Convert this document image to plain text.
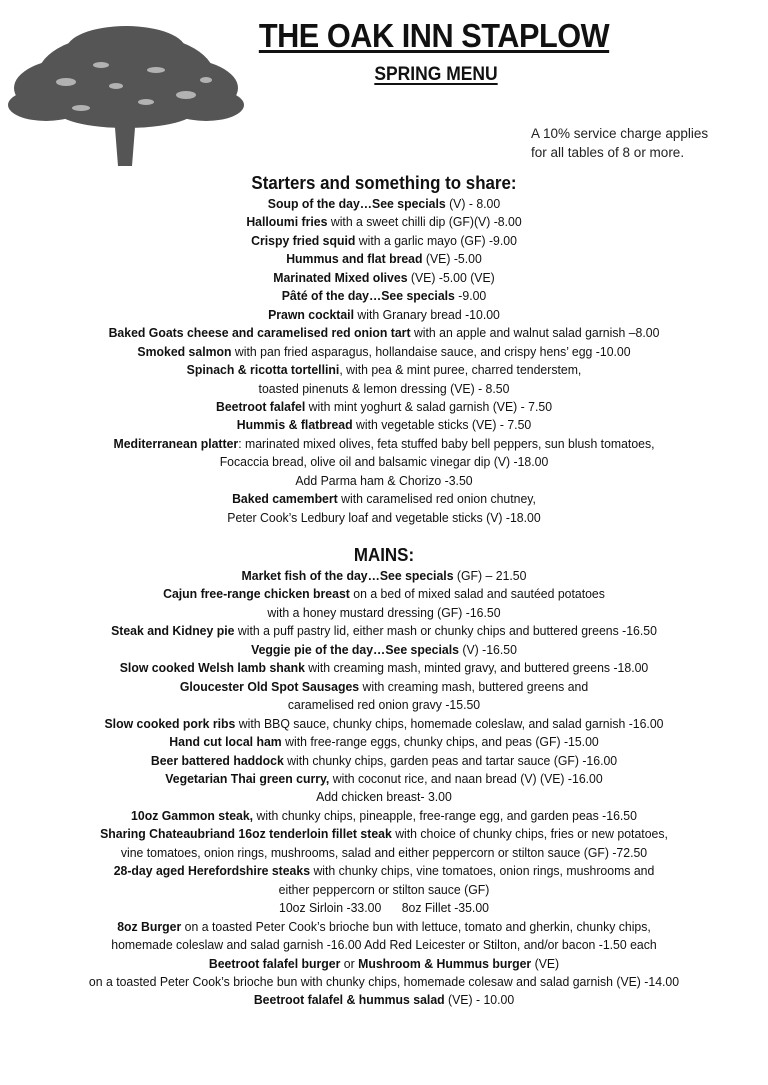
THE OAK INN STAPLOW
SPRING MENU
A 10% service charge applies
for all tables of 8 or more.
Starters and something to share:
Soup of the day…See specials (V) - 8.00
Halloumi fries with a sweet chilli dip (GF)(V) -8.00
Crispy fried squid with a garlic mayo (GF) -9.00
Hummus and flat bread (VE) -5.00
Marinated Mixed olives (VE) -5.00 (VE)
Pâté of the day…See specials -9.00
Prawn cocktail with Granary bread -10.00
Baked Goats cheese and caramelised red onion tart with an apple and walnut salad garnish –8.00
Smoked salmon with pan fried asparagus, hollandaise sauce, and crispy hens’ egg -10.00
Spinach & ricotta tortellini, with pea & mint puree, charred tenderstem,
toasted pinenuts & lemon dressing (VE) - 8.50
Beetroot falafel with mint yoghurt & salad garnish (VE) - 7.50
Hummis & flatbread with vegetable sticks (VE) - 7.50
Mediterranean platter: marinated mixed olives, feta stuffed baby bell peppers, sun blush tomatoes,
Focaccia bread, olive oil and balsamic vinegar dip (V) -18.00
Add Parma ham & Chorizo -3.50
Baked camembert with caramelised red onion chutney,
Peter Cook’s Ledbury loaf and vegetable sticks (V) -18.00
MAINS:
Market fish of the day…See specials (GF) – 21.50
Cajun free-range chicken breast on a bed of mixed salad and sautéed potatoes
with a honey mustard dressing (GF) -16.50
Steak and Kidney pie with a puff pastry lid, either mash or chunky chips and buttered greens -16.50
Veggie pie of the day…See specials (V) -16.50
Slow cooked Welsh lamb shank with creaming mash, minted gravy, and buttered greens -18.00
Gloucester Old Spot Sausages with creaming mash, buttered greens and
caramelised red onion gravy -15.50
Slow cooked pork ribs with BBQ sauce, chunky chips, homemade coleslaw, and salad garnish -16.00
Hand cut local ham with free-range eggs, chunky chips, and peas (GF) -15.00
Beer battered haddock with chunky chips, garden peas and tartar sauce (GF) -16.00
Vegetarian Thai green curry, with coconut rice, and naan bread (V) (VE) -16.00
Add chicken breast- 3.00
10oz Gammon steak, with chunky chips, pineapple, free-range egg, and garden peas -16.50
Sharing Chateaubriand 16oz tenderloin fillet steak with choice of chunky chips, fries or new potatoes,
vine tomatoes, onion rings, mushrooms, salad and either peppercorn or stilton sauce (GF) -72.50
28-day aged Herefordshire steaks with chunky chips, vine tomatoes, onion rings, mushrooms and
either peppercorn or stilton sauce (GF)
10oz Sirloin -33.00 8oz Fillet -35.00
8oz Burger on a toasted Peter Cook’s brioche bun with lettuce, tomato and gherkin, chunky chips,
homemade coleslaw and salad garnish -16.00 Add Red Leicester or Stilton, and/or bacon -1.50 each
Beetroot falafel burger or Mushroom & Hummus burger (VE)
on a toasted Peter Cook’s brioche bun with chunky chips, homemade colesaw and salad garnish (VE) -14.00
Beetroot falafel & hummus salad (VE) - 10.00
